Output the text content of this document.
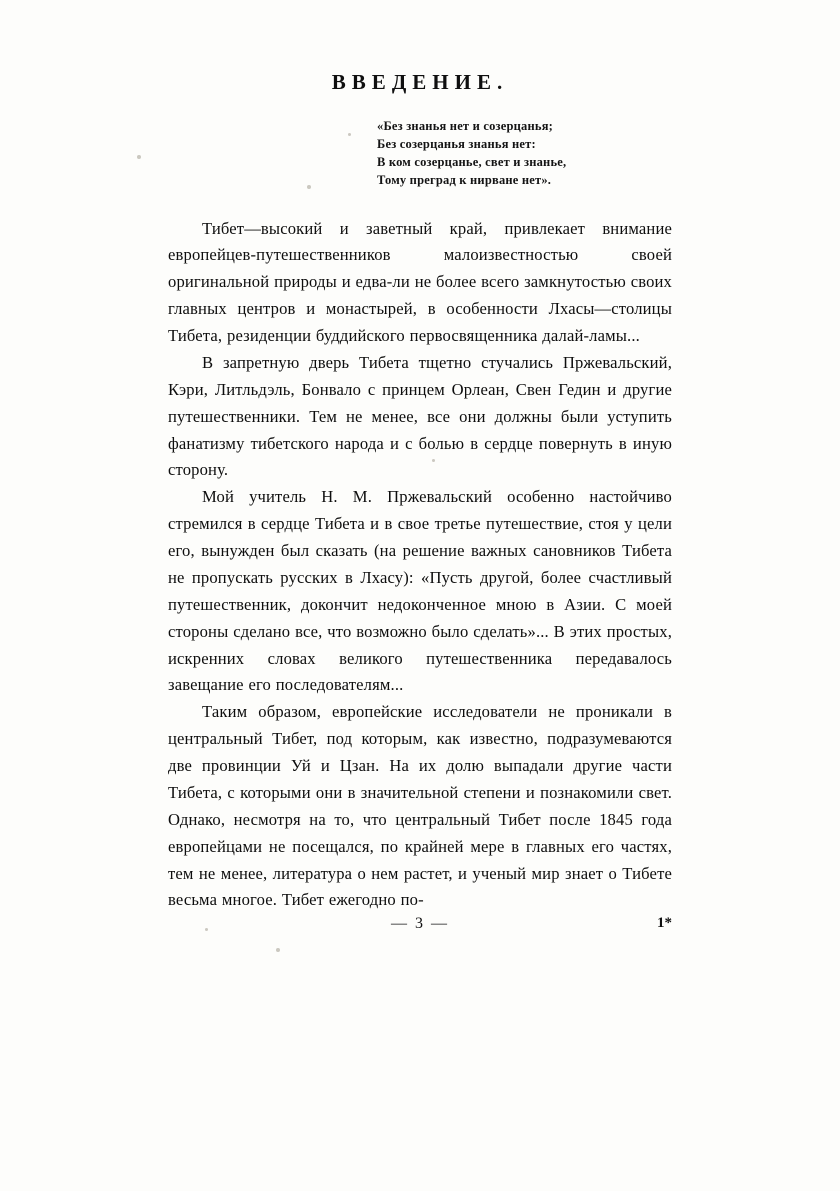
ВВЕДЕНИЕ.
«Без знанья нет и созерцанья;
Без созерцанья знанья нет:
В ком созерцанье, свет и знанье,
Тому преград к нирване нет».

Тибет—высокий и заветный край, привлекает внимание европейцев-путешественников малоизвестностью своей оригинальной природы и едва-ли не более всего замкнутостью своих главных центров и монастырей, в особенности Лхасы—столицы Тибета, резиденции буддийского первосвященника далай-ламы...

В запретную дверь Тибета тщетно стучались Пржевальский, Кэри, Литльдэль, Бонвало с принцем Орлеан, Свен Гедин и другие путешественники. Тем не менее, все они должны были уступить фанатизму тибетского народа и с болью в сердце повернуть в иную сторону.

Мой учитель Н. М. Пржевальский особенно настойчиво стремился в сердце Тибета и в свое третье путешествие, стоя у цели его, вынужден был сказать (на решение важных сановников Тибета не пропускать русских в Лхасу): «Пусть другой, более счастливый путешественник, докончит недоконченное мною в Азии. С моей стороны сделано все, что возможно было сделать»... В этих простых, искренних словах великого путешественника передавалось завещание его последователям...

Таким образом, европейские исследователи не проникали в центральный Тибет, под которым, как известно, подразумеваются две провинции Уй и Цзан. На их долю выпадали другие части Тибета, с которыми они в значительной степени и познакомили свет. Однако, несмотря на то, что центральный Тибет после 1845 года европейцами не посещался, по крайней мере в главных его частях, тем не менее, литература о нем растет, и ученый мир знает о Тибете весьма многое. Тибет ежегодно по-

— 3 —	1*
